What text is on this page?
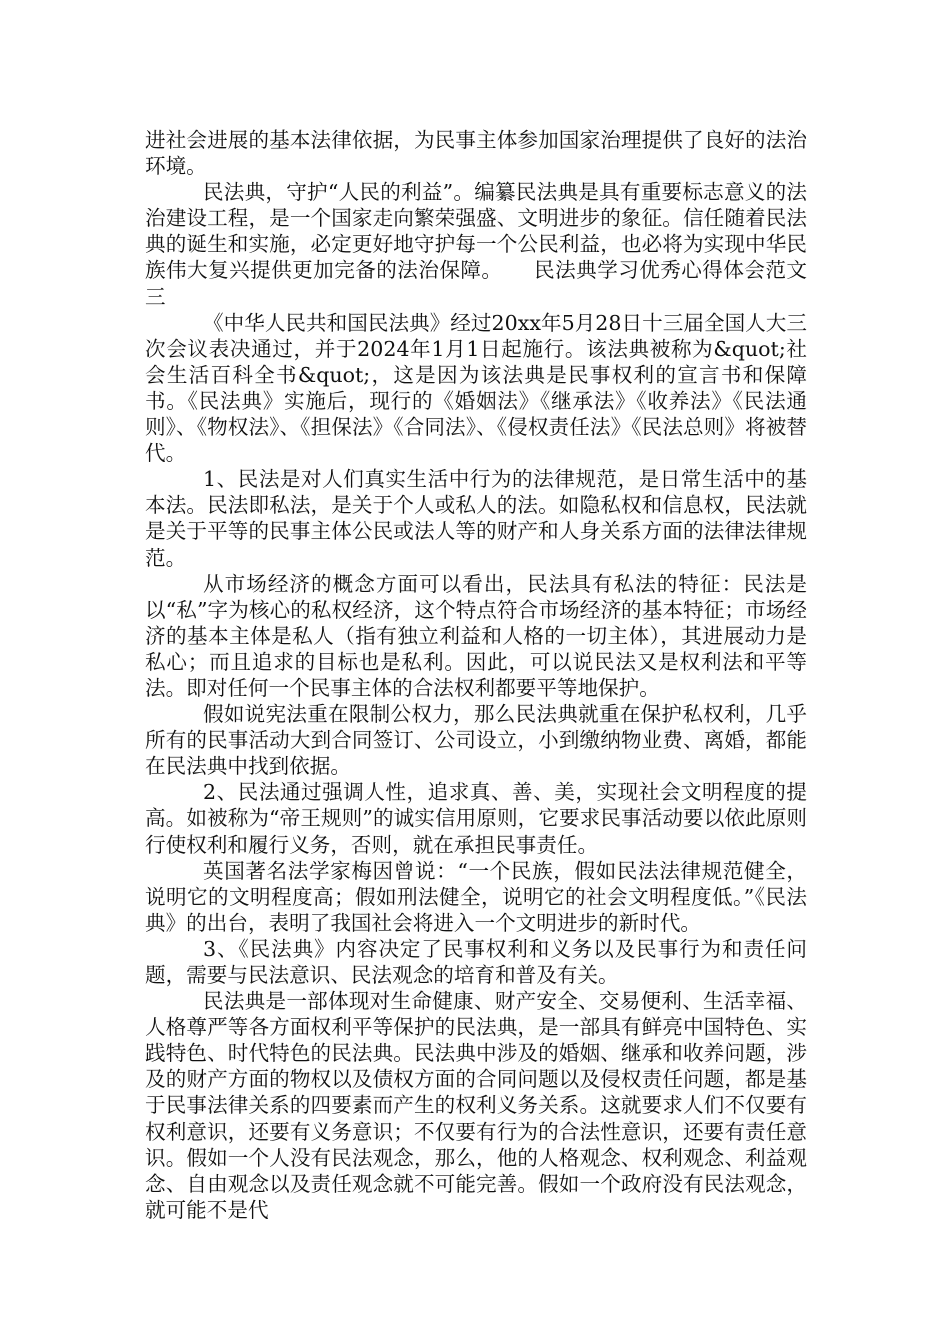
进社会进展的基本法律依据，为民事主体参加国家治理提供了良好的法治环境。

民法典，守护“人民的利益”。编纂民法典是具有重要标志意义的法治建设工程，是一个国家走向繁荣强盛、文明进步的象征。信任随着民法典的诞生和实施，必定更好地守护每一个公民利益，也必将为实现中华民族伟大复兴提供更加完备的法治保障。　　民法典学习优秀心得体会范文三

《中华人民共和国民法典》经过20xx年5月28日十三届全国人大三次会议表决通过，并于2024年1月1日起施行。该法典被称为&quot;社会生活百科全书&quot;，这是因为该法典是民事权利的宣言书和保障书。《民法典》实施后，现行的《婚姻法》《继承法》《收养法》《民法通则》、《物权法》、《担保法》《合同法》、《侵权责任法》《民法总则》将被替代。

1、民法是对人们真实生活中行为的法律规范，是日常生活中的基本法。民法即私法，是关于个人或私人的法。如隐私权和信息权，民法就是关于平等的民事主体公民或法人等的财产和人身关系方面的法律法律规范。

从市场经济的概念方面可以看出，民法具有私法的特征：民法是以“私”字为核心的私权经济，这个特点符合市场经济的基本特征；市场经济的基本主体是私人（指有独立利益和人格的一切主体），其进展动力是私心；而且追求的目标也是私利。因此，可以说民法又是权利法和平等法。即对任何一个民事主体的合法权利都要平等地保护。

假如说宪法重在限制公权力，那么民法典就重在保护私权利，几乎所有的民事活动大到合同签订、公司设立，小到缴纳物业费、离婚，都能在民法典中找到依据。

2、民法通过强调人性，追求真、善、美，实现社会文明程度的提高。如被称为“帝王规则”的诚实信用原则，它要求民事活动要以依此原则行使权利和履行义务，否则，就在承担民事责任。

英国著名法学家梅因曾说：“一个民族，假如民法法律规范健全，说明它的文明程度高；假如刑法健全，说明它的社会文明程度低。”《民法典》的出台，表明了我国社会将进入一个文明进步的新时代。

3、《民法典》内容决定了民事权利和义务以及民事行为和责任问题，需要与民法意识、民法观念的培育和普及有关。

民法典是一部体现对生命健康、财产安全、交易便利、生活幸福、人格尊严等各方面权利平等保护的民法典，是一部具有鲜亮中国特色、实践特色、时代特色的民法典。民法典中涉及的婚姻、继承和收养问题，涉及的财产方面的物权以及债权方面的合同问题以及侵权责任问题，都是基于民事法律关系的四要素而产生的权利义务关系。这就要求人们不仅要有权利意识，还要有义务意识；不仅要有行为的合法性意识，还要有责任意识。假如一个人没有民法观念，那么，他的人格观念、权利观念、利益观念、自由观念以及责任观念就不可能完善。假如一个政府没有民法观念，就可能不是代
